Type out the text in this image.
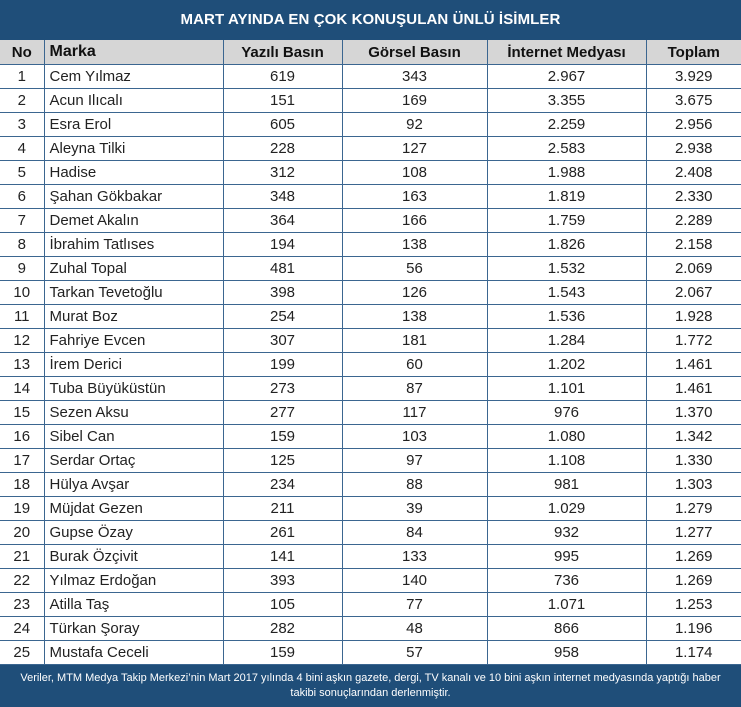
MART AYINDA EN ÇOK KONUŞULAN ÜNLÜ İSİMLER
No	Marka	Yazılı Basın	Görsel Basın	İnternet Medyası	Toplam
1	Cem Yılmaz	619	343	2.967	3.929
2	Acun Ilıcalı	151	169	3.355	3.675
3	Esra Erol	605	92	2.259	2.956
4	Aleyna Tilki	228	127	2.583	2.938
5	Hadise	312	108	1.988	2.408
6	Şahan Gökbakar	348	163	1.819	2.330
7	Demet Akalın	364	166	1.759	2.289
8	İbrahim Tatlıses	194	138	1.826	2.158
9	Zuhal Topal	481	56	1.532	2.069
10	Tarkan Tevetoğlu	398	126	1.543	2.067
11	Murat Boz	254	138	1.536	1.928
12	Fahriye Evcen	307	181	1.284	1.772
13	İrem Derici	199	60	1.202	1.461
14	Tuba Büyüküstün	273	87	1.101	1.461
15	Sezen Aksu	277	117	976	1.370
16	Sibel Can	159	103	1.080	1.342
17	Serdar Ortaç	125	97	1.108	1.330
18	Hülya Avşar	234	88	981	1.303
19	Müjdat Gezen	211	39	1.029	1.279
20	Gupse Özay	261	84	932	1.277
21	Burak Özçivit	141	133	995	1.269
22	Yılmaz Erdoğan	393	140	736	1.269
23	Atilla Taş	105	77	1.071	1.253
24	Türkan Şoray	282	48	866	1.196
25	Mustafa Ceceli	159	57	958	1.174
Veriler, MTM Medya Takip Merkezi’nin Mart 2017 yılında 4 bini aşkın gazete, dergi, TV kanalı ve 10 bini aşkın internet medyasında yaptığı haber takibi sonuçlarından derlenmiştir.
